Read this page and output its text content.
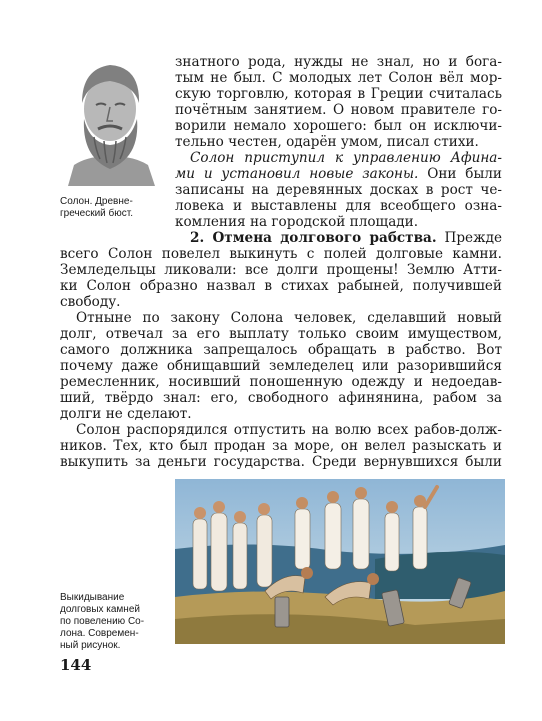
Солон. Древне-
греческий бюст.
знатного рода, нужды не знал, но и бога-
тым не был. С молодых лет Солон вёл мор-
скую торговлю, которая в Греции считалась
почётным занятием. О новом правителе го-
ворили немало хорошего: был он исключи-
тельно честен, одарён умом, писал стихи.
Солон приступил к управлению Афина-
ми и установил новые законы. Они были
записаны на деревянных досках в рост че-
ловека и выставлены для всеобщего озна-
комления на городской площади.
2. Отмена долгового рабства. Прежде
всего Солон повелел выкинуть с полей долговые камни.
Земледельцы ликовали: все долги прощены! Землю Атти-
ки Солон образно назвал в стихах рабыней, получившей
свободу.
Отныне по закону Солона человек, сделавший новый
долг, отвечал за его выплату только своим имуществом,
самого должника запрещалось обращать в рабство. Вот
почему даже обнищавший земледелец или разорившийся
ремесленник, носивший поношенную одежду и недоедав-
ший, твёрдо знал: его, свободного афинянина, рабом за
долги не сделают.
Солон распорядился отпустить на волю всех рабов-долж-
ников. Тех, кто был продан за море, он велел разыскать и
выкупить за деньги государства. Среди вернувшихся были
Выкидывание
долговых камней
по повелению Со-
лона. Современ-
ный рисунок.
144
